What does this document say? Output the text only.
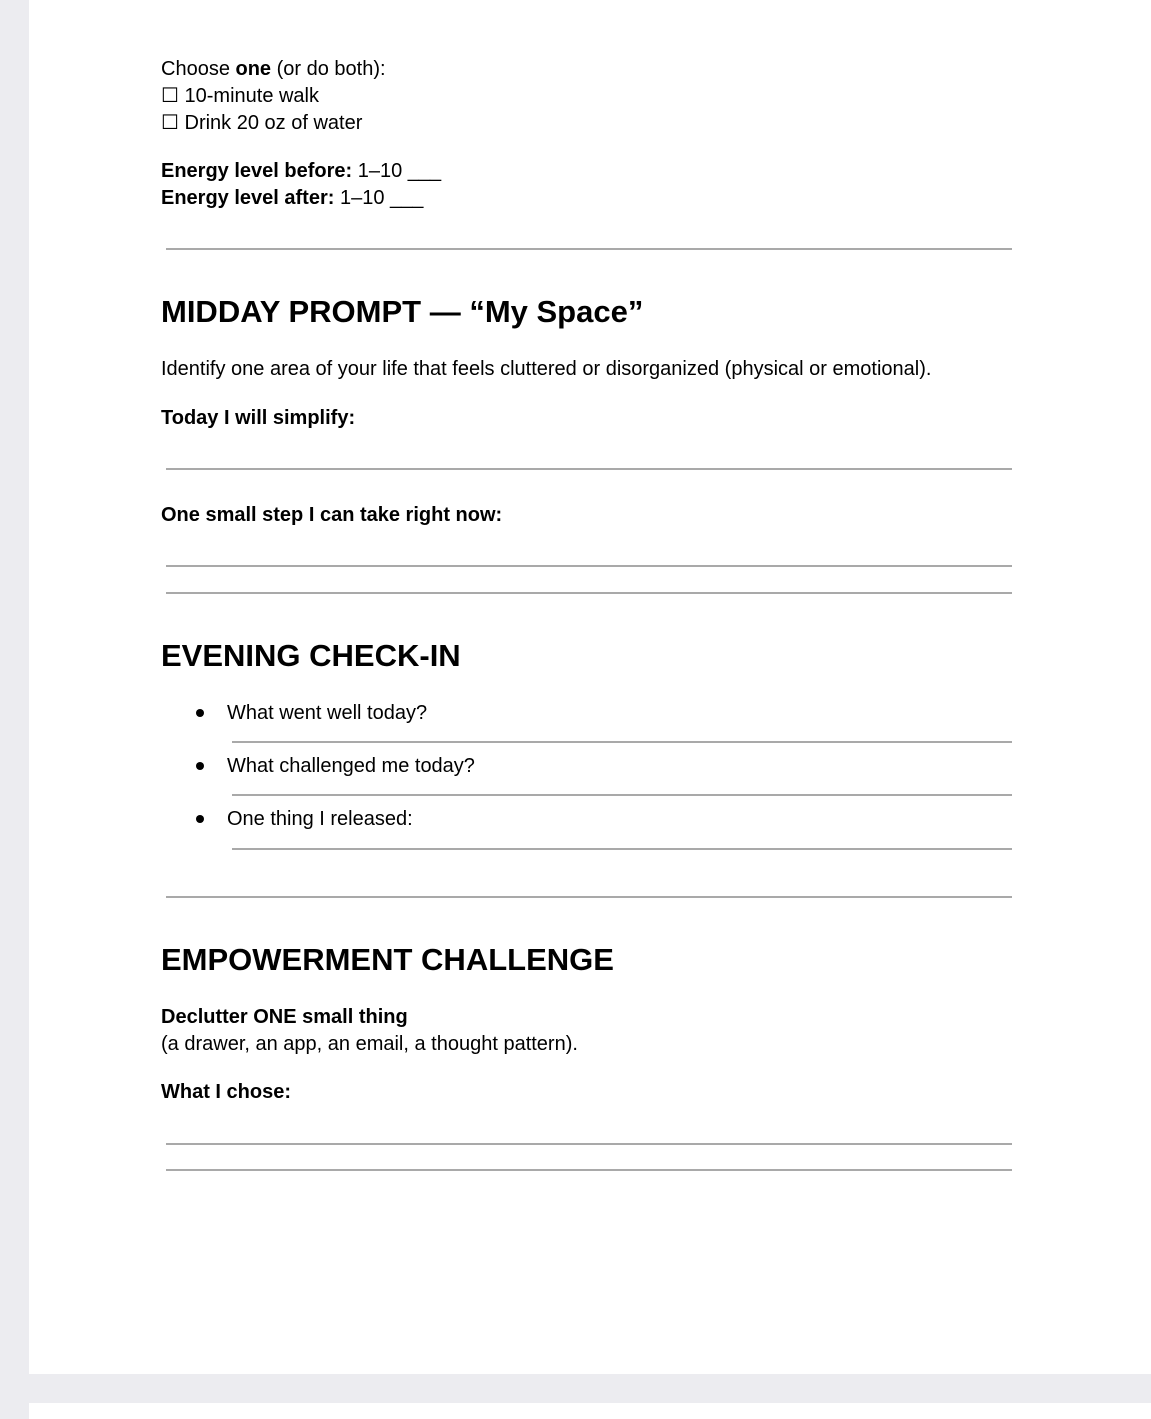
Choose one (or do both):
☐ 10-minute walk
☐ Drink 20 oz of water
Energy level before: 1–10 ___
Energy level after: 1–10 ___
MIDDAY PROMPT — “My Space”
Identify one area of your life that feels cluttered or disorganized (physical or emotional).
Today I will simplify:
One small step I can take right now:
EVENING CHECK-IN
What went well today?
What challenged me today?
One thing I released:
EMPOWERMENT CHALLENGE
Declutter ONE small thing
(a drawer, an app, an email, a thought pattern).
What I chose:
